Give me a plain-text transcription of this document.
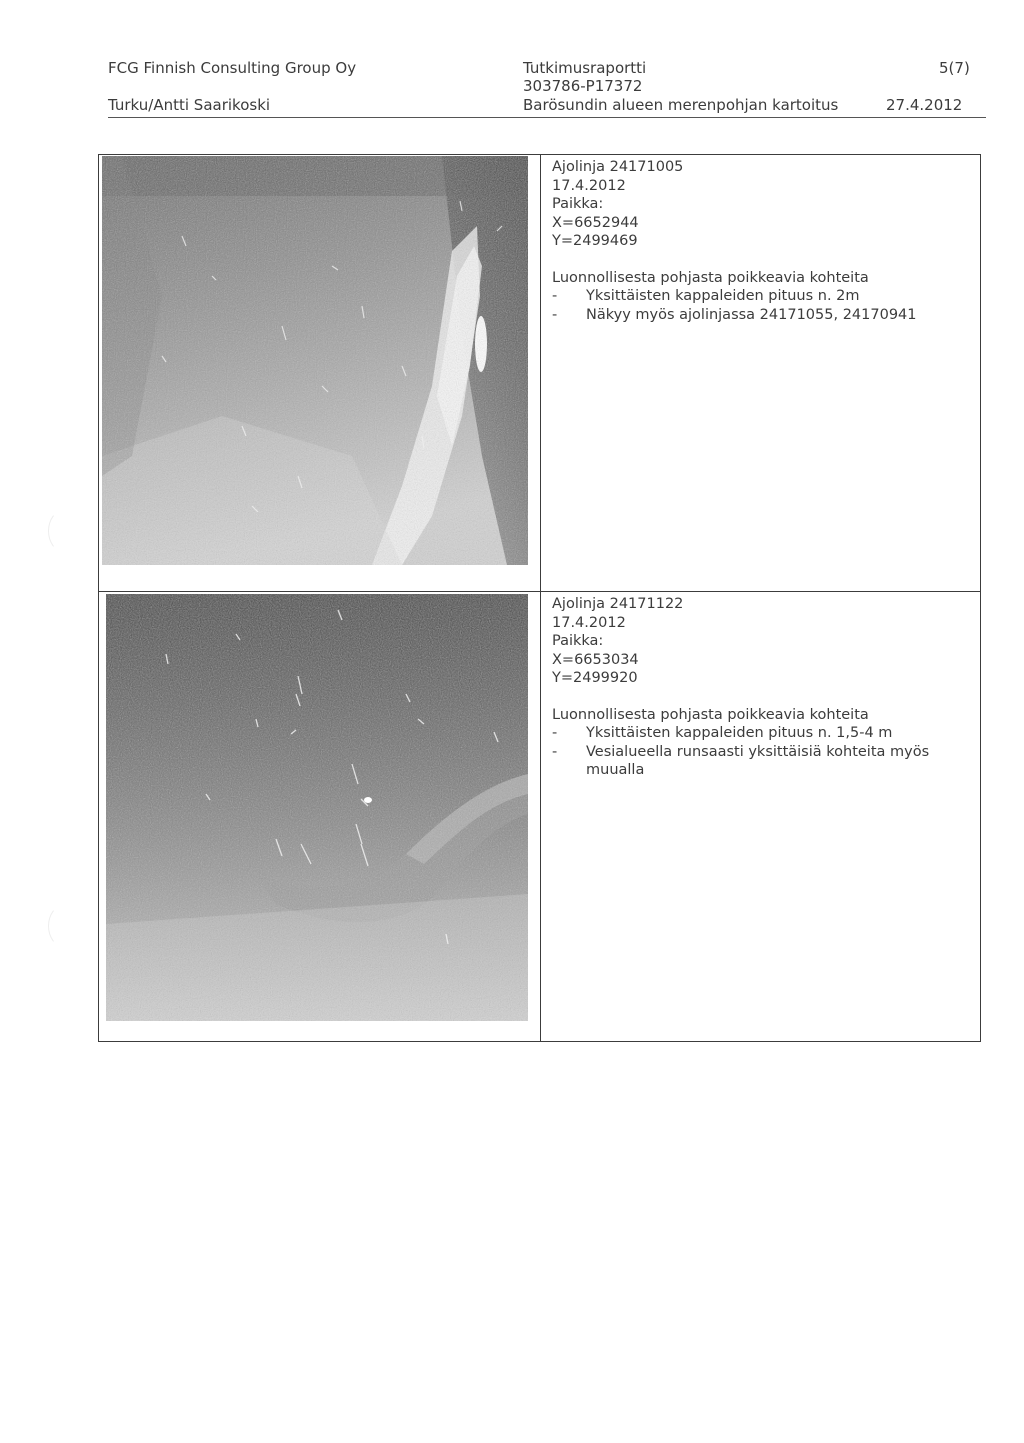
FCG Finnish Consulting Group Oy
Turku/Antti Saarikoski
Tutkimusraportti
303786-P17372
Barösundin alueen merenpohjan kartoitus
5(7)
27.4.2012
Ajolinja 24171005
17.4.2012
Paikka:
X=6652944
Y=2499469
Luonnollisesta pohjasta poikkeavia kohteita
- Yksittäisten kappaleiden pituus n. 2m
- Näkyy myös ajolinjassa 24171055, 24170941
Ajolinja 24171122
17.4.2012
Paikka:
X=6653034
Y=2499920
Luonnollisesta pohjasta poikkeavia kohteita
- Yksittäisten kappaleiden pituus n. 1,5-4 m
- Vesialueella runsaasti yksittäisiä kohteita myös muualla
